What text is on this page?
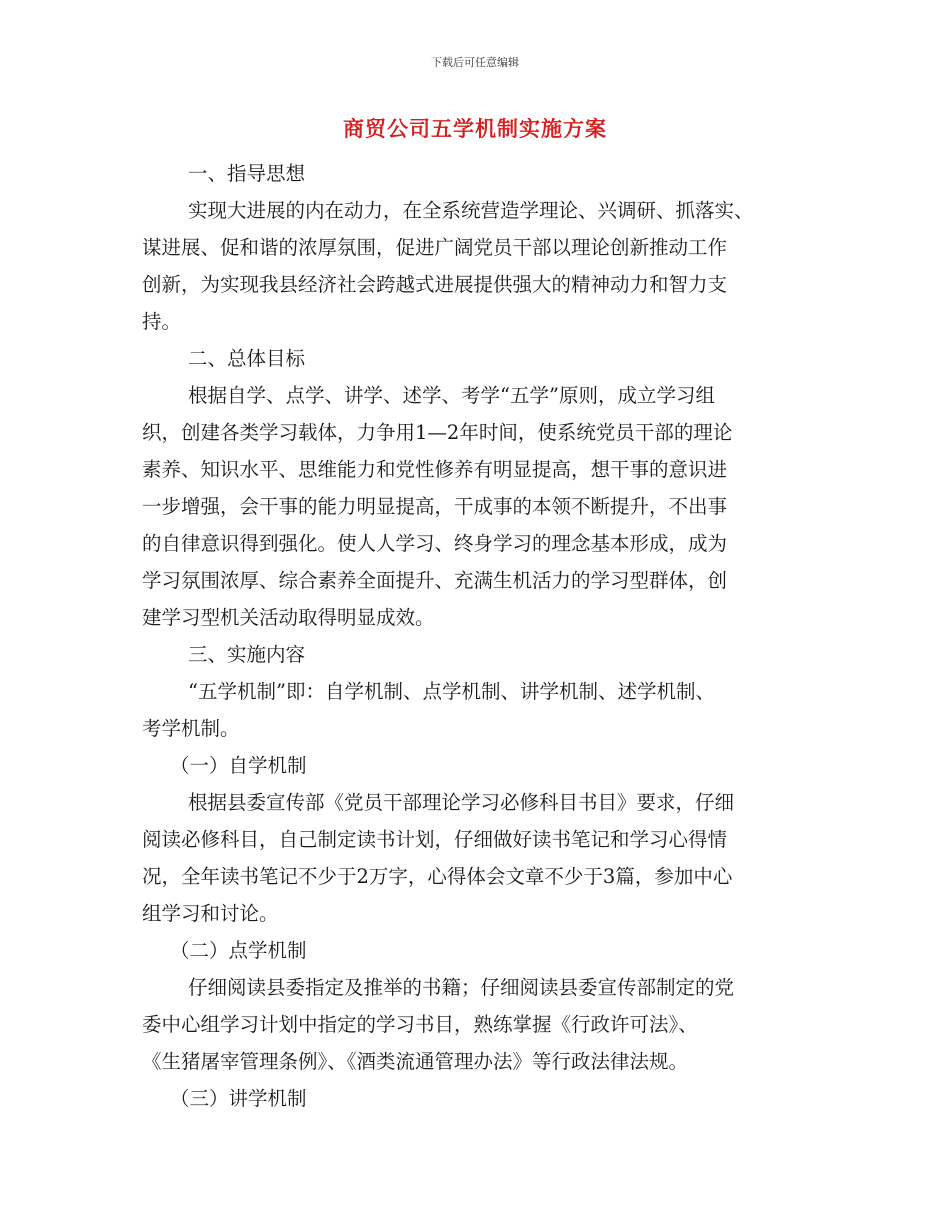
下载后可任意编辑
商贸公司五学机制实施方案
一、指导思想
实现大进展的内在动力，在全系统营造学理论、兴调研、抓落实、
谋进展、促和谐的浓厚氛围，促进广阔党员干部以理论创新推动工作
创新，为实现我县经济社会跨越式进展提供强大的精神动力和智力支
持。
二、总体目标
根据自学、点学、讲学、述学、考学“五学”原则，成立学习组
织，创建各类学习载体，力争用1—2年时间，使系统党员干部的理论
素养、知识水平、思维能力和党性修养有明显提高，想干事的意识进
一步增强，会干事的能力明显提高，干成事的本领不断提升，不出事
的自律意识得到强化。使人人学习、终身学习的理念基本形成，成为
学习氛围浓厚、综合素养全面提升、充满生机活力的学习型群体，创
建学习型机关活动取得明显成效。
三、实施内容
“五学机制”即：自学机制、点学机制、讲学机制、述学机制、
考学机制。
（一）自学机制
根据县委宣传部《党员干部理论学习必修科目书目》要求，仔细
阅读必修科目，自己制定读书计划，仔细做好读书笔记和学习心得情
况，全年读书笔记不少于2万字，心得体会文章不少于3篇，参加中心
组学习和讨论。
（二）点学机制
仔细阅读县委指定及推举的书籍；仔细阅读县委宣传部制定的党
委中心组学习计划中指定的学习书目，熟练掌握《行政许可法》、
《生猪屠宰管理条例》、《酒类流通管理办法》等行政法律法规。
（三）讲学机制
